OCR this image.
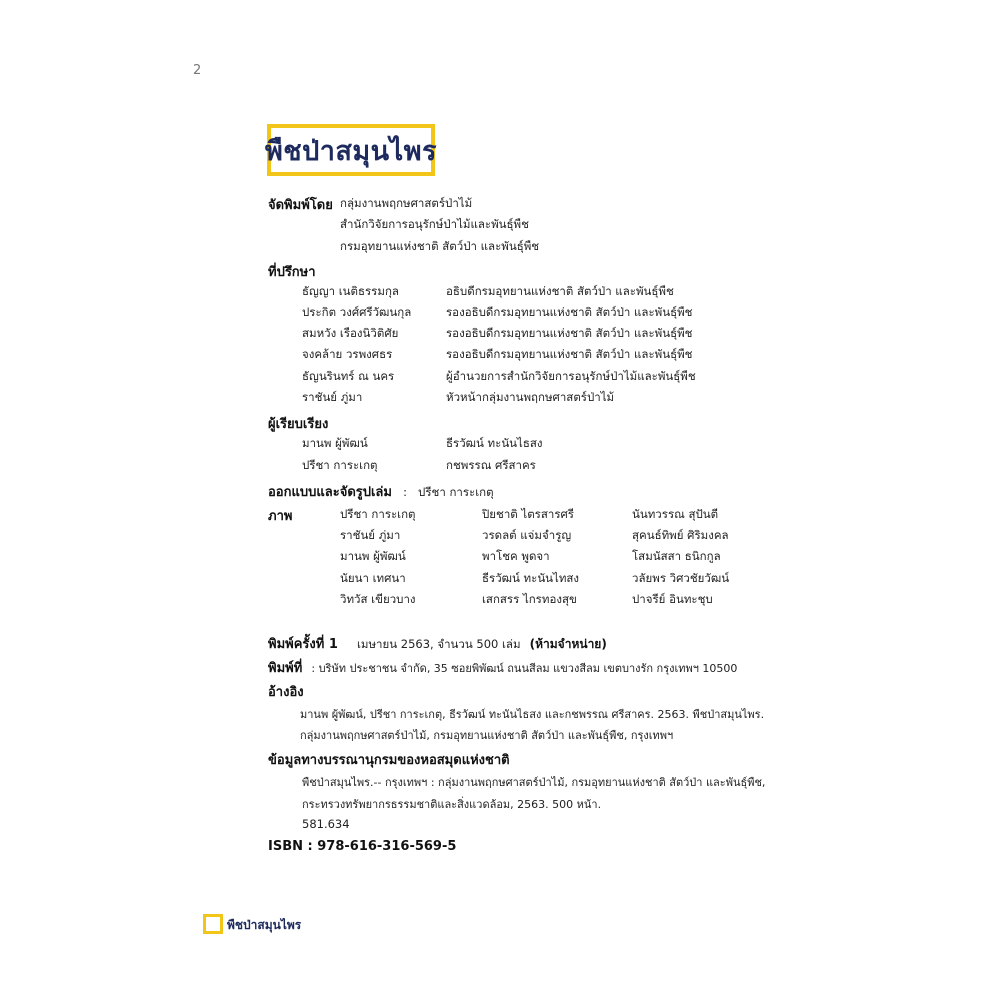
2
พืชป่าสมุนไพร
จัดพิมพ์โดย กลุ่มงานพฤกษศาสตร์ป่าไม้
สำนักวิจัยการอนุรักษ์ป่าไม้และพันธุ์พืช
กรมอุทยานแห่งชาติ สัตว์ป่า และพันธุ์พืช
ที่ปรึกษา
ธัญญา เนติธรรมกุล	อธิบดีกรมอุทยานแห่งชาติ สัตว์ป่า และพันธุ์พืช
ประกิต วงศ์ศรีวัฒนกุล	รองอธิบดีกรมอุทยานแห่งชาติ สัตว์ป่า และพันธุ์พืช
สมหวัง เรืองนิวิติศัย	รองอธิบดีกรมอุทยานแห่งชาติ สัตว์ป่า และพันธุ์พืช
จงคล้าย วรพงศธร	รองอธิบดีกรมอุทยานแห่งชาติ สัตว์ป่า และพันธุ์พืช
ธัญนรินทร์ ณ นคร	ผู้อำนวยการสำนักวิจัยการอนุรักษ์ป่าไม้และพันธุ์พืช
ราชันย์ ภู่มา	หัวหน้ากลุ่มงานพฤกษศาสตร์ป่าไม้
ผู้เรียบเรียง
มานพ ผู้พัฒน์	ธีรวัฒน์ ทะนันไธสง
ปรีชา การะเกตุ	กชพรรณ ศรีสาคร
ออกแบบและจัดรูปเล่ม : ปรีชา การะเกตุ
ภาพ	ปรีชา การะเกตุ	ปิยชาติ ไตรสารศรี	นันทวรรณ สุปันตี
ราชันย์ ภู่มา	วรดลต์ แจ่มจำรูญ	สุคนธ์ทิพย์ ศิริมงคล
มานพ ผู้พัฒน์	พาโชค พูดจา	โสมนัสสา ธนิกกูล
นัยนา เทศนา	ธีรวัฒน์ ทะนันไทสง	วลัยพร วิศวชัยวัฒน์
วิทวัส เขียวบาง	เสกสรร ไกรทองสุข	ปาจรีย์ อินทะชุบ
พิมพ์ครั้งที่ 1 เมษายน 2563, จำนวน 500 เล่ม (ห้ามจำหน่าย)
พิมพ์ที่ : บริษัท ประชาชน จำกัด, 35 ซอยพิพัฒน์ ถนนสีลม แขวงสีลม เขตบางรัก กรุงเทพฯ 10500
อ้างอิง
มานพ ผู้พัฒน์, ปรีชา การะเกตุ, ธีรวัฒน์ ทะนันไธสง และกชพรรณ ศรีสาคร. 2563. พืชป่าสมุนไพร.
กลุ่มงานพฤกษศาสตร์ป่าไม้, กรมอุทยานแห่งชาติ สัตว์ป่า และพันธุ์พืช, กรุงเทพฯ
ข้อมูลทางบรรณานุกรมของหอสมุดแห่งชาติ
พืชป่าสมุนไพร.-- กรุงเทพฯ : กลุ่มงานพฤกษศาสตร์ป่าไม้, กรมอุทยานแห่งชาติ สัตว์ป่า และพันธุ์พืช,
กระทรวงทรัพยากรธรรมชาติและสิ่งแวดล้อม, 2563. 500 หน้า.
581.634
ISBN : 978-616-316-569-5
พืชป่าสมุนไพร
